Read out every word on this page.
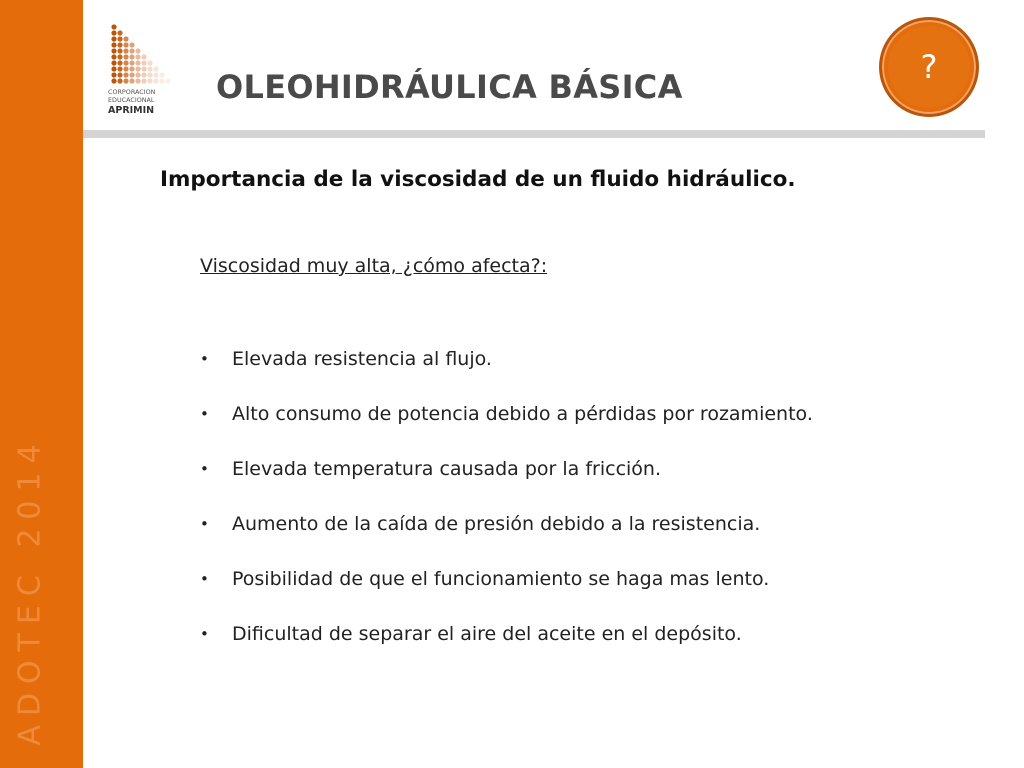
ADOTEC 2014
CORPORACION
EDUCACIONAL
APRIMIN
OLEOHIDRÁULICA BÁSICA
?
Importancia de la viscosidad de un fluido hidráulico.
Viscosidad muy alta, ¿cómo afecta?:
• Elevada resistencia al flujo.
• Alto consumo de potencia debido a pérdidas por rozamiento.
• Elevada temperatura causada por la fricción.
• Aumento de la caída de presión debido a la resistencia.
• Posibilidad de que el funcionamiento se haga mas lento.
• Dificultad de separar el aire del aceite en el depósito.
